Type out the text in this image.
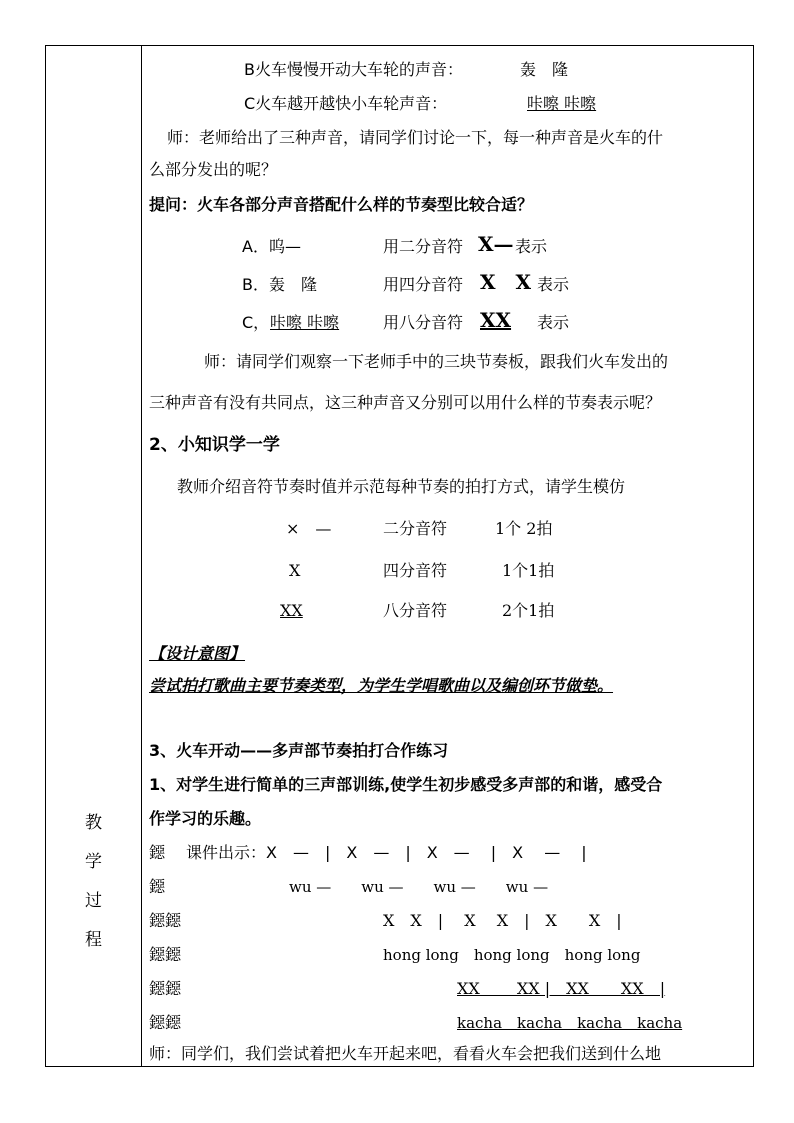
教
学
过
程
B火车慢慢开动大车轮的声音：	轰　隆
C火车越开越快小车轮声音：	咔嚓 咔嚓
师：老师给出了三种声音，请同学们讨论一下，每一种声音是火车的什
么部分发出的呢？
提问：火车各部分声音搭配什么样的节奏型比较合适？
A．呜—	用二分音符 X— 表示
B．轰　隆	用四分音符 X　X 表示
C， 咔嚓 咔嚓	用八分音符 XX 表示
师：请同学们观察一下老师手中的三块节奏板，跟我们火车发出的
三种声音有没有共同点，这三种声音又分别可以用什么样的节奏表示呢？
2、小知识学一学
教师介绍音符节奏时值并示范每种节奏的拍打方式，请学生模仿
×　—	二分音符	1个 2拍
X	四分音符	1个1拍
XX	八分音符	2个1拍
【设计意图】
尝试拍打歌曲主要节奏类型，为学生学唱歌曲以及编创环节做垫。
3、火车开动——多声部节奏拍打合作练习
1、对学生进行简单的三声部训练,使学生初步感受多声部的和谐，感受合
作学习的乐趣。
鐚 课件出示：X　—　|　X　—　|　X　—　 |　X　 —　 |
鐚	wu —　　wu —　　wu —　　wu —
鐚鐚	X　X　|　 X　 X　|　X　　X　|
鐚鐚	hong long　hong long　hong long
鐚鐚	XX　　 XX |　XX　　XX　|
鐚鐚	kacha　kacha　kacha　kacha
师：同学们，我们尝试着把火车开起来吧，看看火车会把我们送到什么地
